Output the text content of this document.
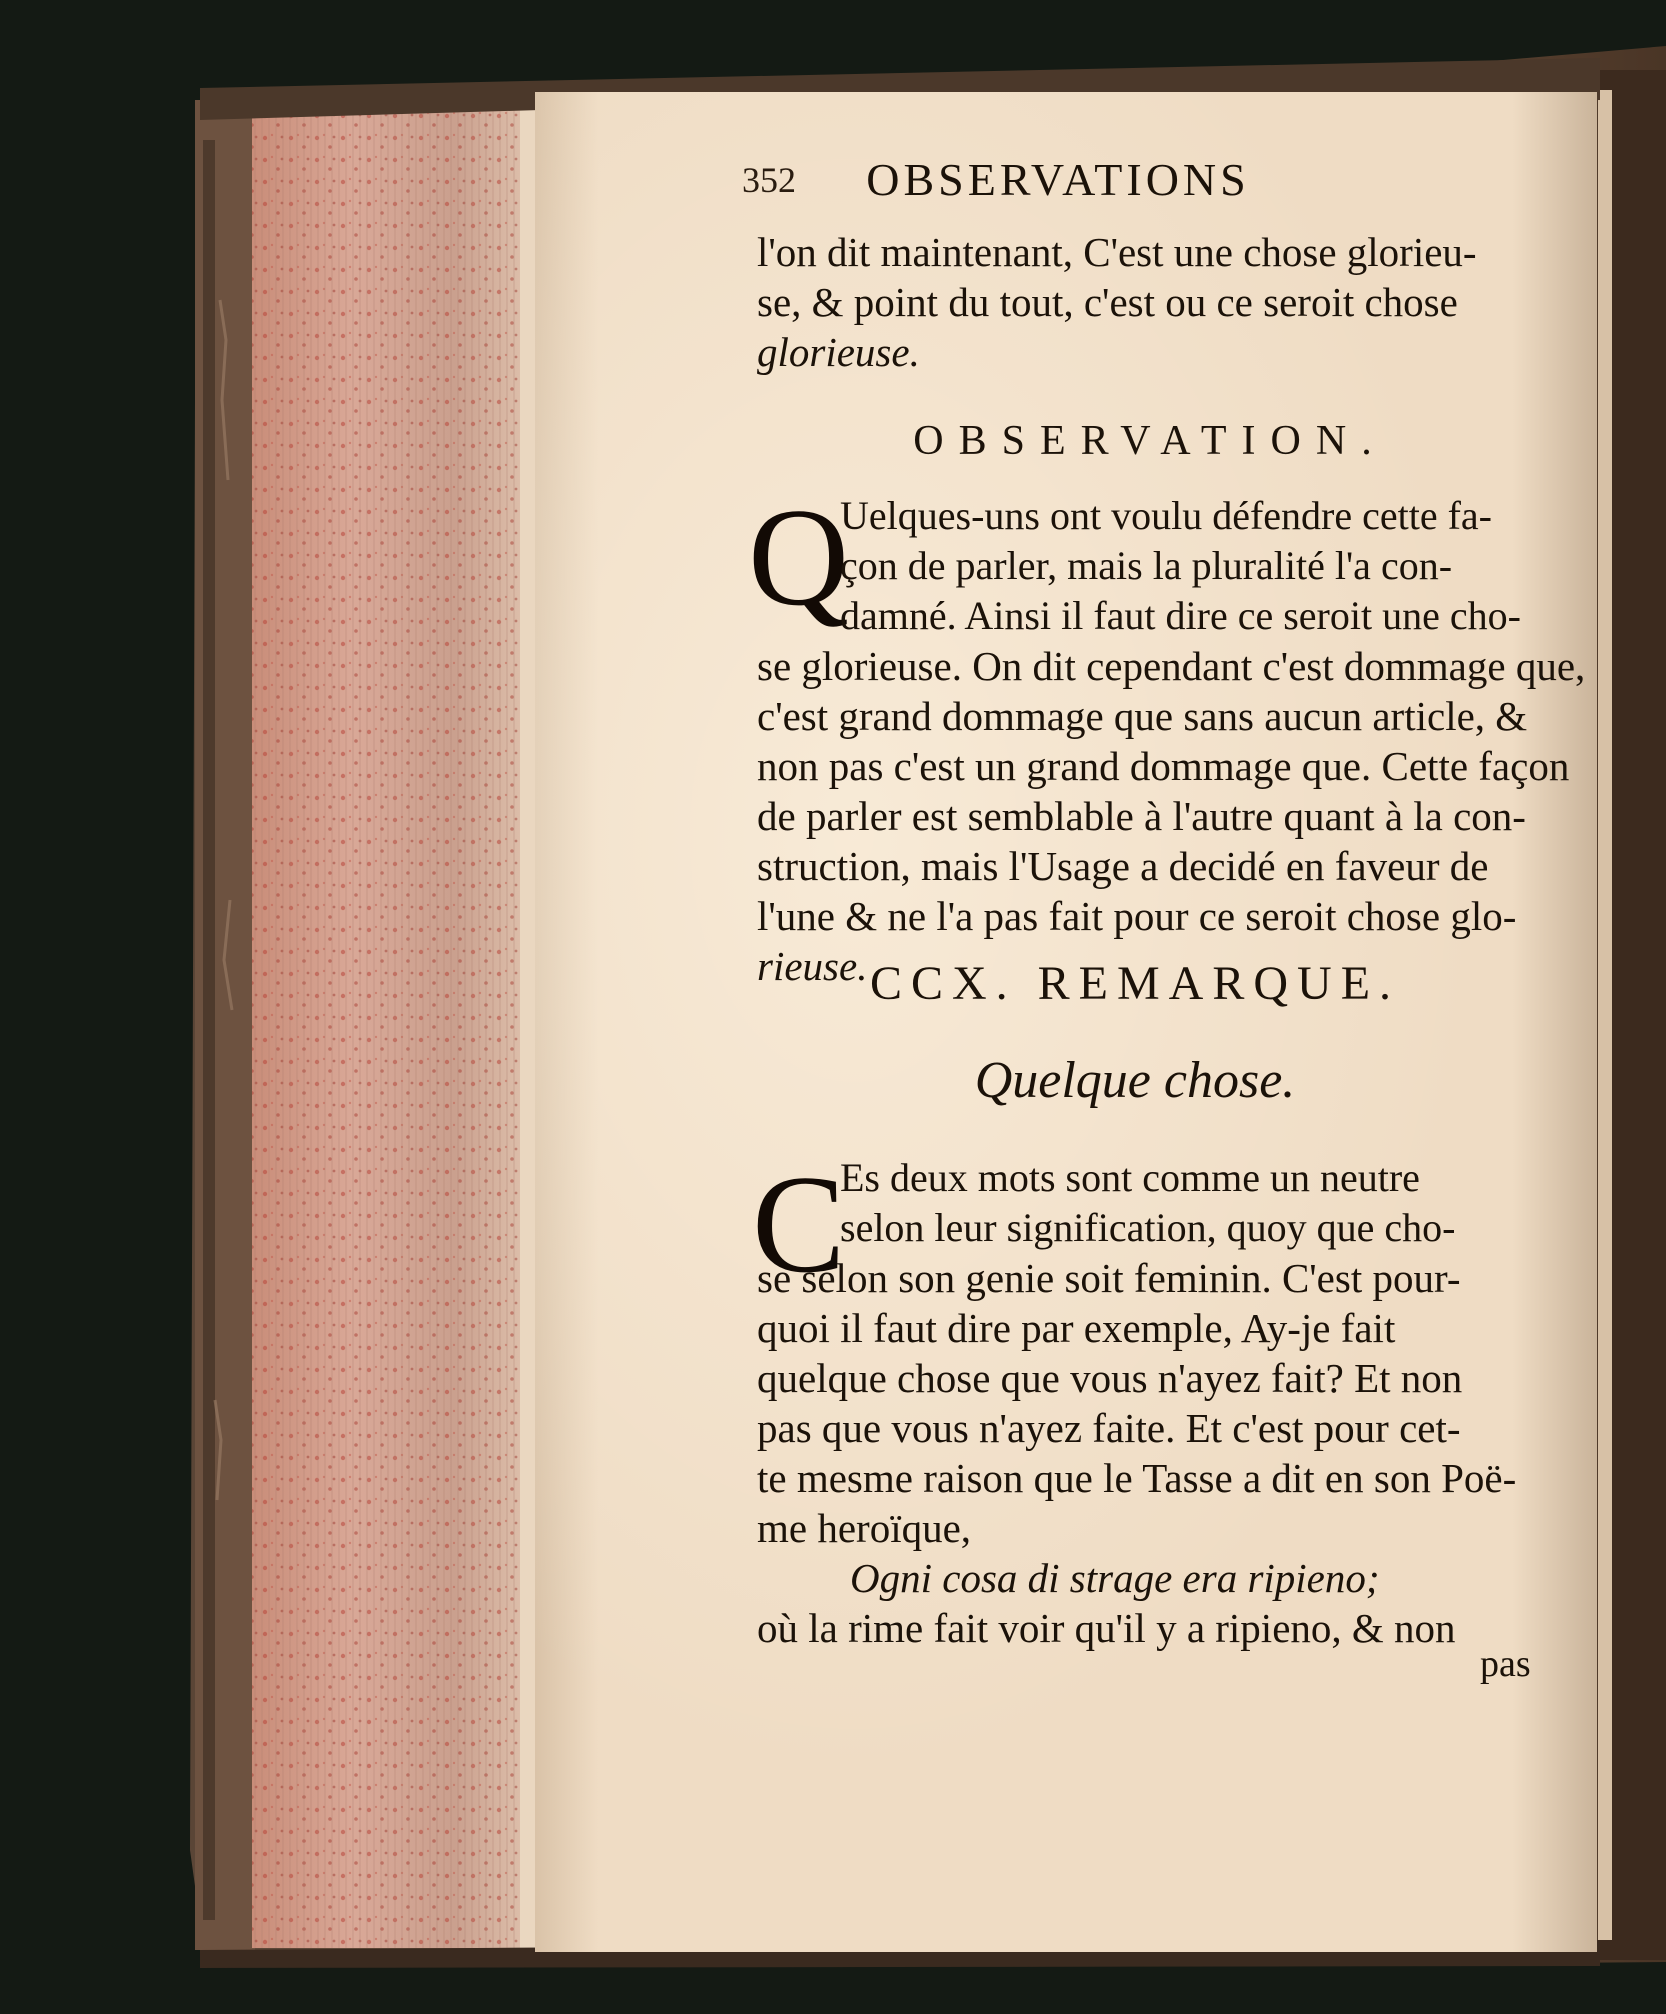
352	OBSERVATIONS
l'on dit maintenant, C'est une chose glorieu-
se, & point du tout, c'est ou ce seroit chose
glorieuse.
OBSERVATION.
Q
Uelques-uns ont voulu défendre cette fa-
çon de parler, mais la pluralité l'a con-
damné. Ainsi il faut dire ce seroit une cho-
se glorieuse. On dit cependant c'est dommage que,
c'est grand dommage que sans aucun article, &
non pas c'est un grand dommage que. Cette façon
de parler est semblable à l'autre quant à la con-
struction, mais l'Usage a decidé en faveur de
l'une & ne l'a pas fait pour ce seroit chose glo-
rieuse. CCX. REMARQUE.
Quelque chose.
C
Es deux mots sont comme un neutre
selon leur signification, quoy que cho-
se selon son genie soit feminin. C'est pour-
quoi il faut dire par exemple, Ay-je fait
quelque chose que vous n'ayez fait? Et non
pas que vous n'ayez faite. Et c'est pour cet-
te mesme raison que le Tasse a dit en son Poë-
me heroïque,
Ogni cosa di strage era ripieno;
où la rime fait voir qu'il y a ripieno, & non
pas
